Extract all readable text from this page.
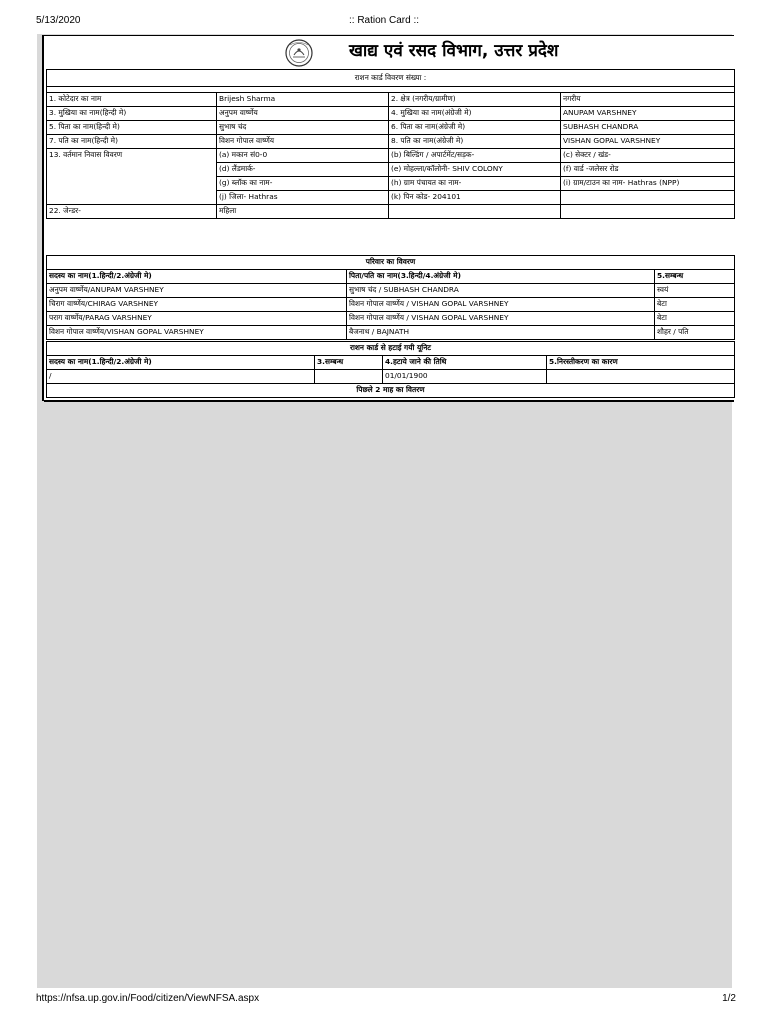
5/13/2020	:: Ration Card ::
खाद्य एवं रसद विभाग, उत्तर प्रदेश
राशन कार्ड विवरण संख्या :			

1. कोटेदार का नाम	Brijesh Sharma	2. क्षेत्र (नगरीय/ग्रामीण)	नगरीय
3. मुखिया का नाम(हिन्दी मे)	अनुपम वार्ष्णेय	4. मुखिया का नाम(अंग्रेजी मे)	ANUPAM VARSHNEY
5. पिता का नाम(हिन्दी मे)	सुभाष चंद	6. पिता का नाम(अंग्रेजी मे)	SUBHASH CHANDRA
7. पति का नाम(हिन्दी मे)	विशन गोपाल वार्ष्णेय	8. पति का नाम(अंग्रेजी मे)	VISHAN GOPAL VARSHNEY
13. वर्तमान निवास विवरण	(a) मकान सं0-0	(b) बिल्डिंग / अपार्टमेंट/सड़क-	(c) सेक्टर / खंड-
	(d) लैंडमार्क-	(e) मोहल्ला/कॉलोनी- SHIV COLONY	(f) वार्ड -जलेसर रोड
	(g) ब्लॉक का नाम-	(h) ग्राम पंचायत का नाम-	(i) ग्राम/टाउन का नाम- Hathras (NPP)
	(j) जिला- Hathras	(k) पिन कोड- 204101	
22. जेन्डर-	महिला		
परिवार का विवरण		
सदस्य का नाम(1.हिन्दी/2.अंग्रेजी मे)	पिता/पति का नाम(3.हिन्दी/4.अंग्रेजी मे)	5.सम्बन्ध
अनुपम वार्ष्णेय/ANUPAM VARSHNEY	सुभाष चंद / SUBHASH CHANDRA	स्वयं
चिराग वार्ष्णेय/CHIRAG VARSHNEY	विशन गोपाल वार्ष्णेय / VISHAN GOPAL VARSHNEY	बेटा
पराग वार्ष्णेय/PARAG VARSHNEY	विशन गोपाल वार्ष्णेय / VISHAN GOPAL VARSHNEY	बेटा
विशन गोपाल वार्ष्णेय/VISHAN GOPAL VARSHNEY	बैजनाथ / BAJNATH	शौहर / पति
राशन कार्ड से हटाई गयी यूनिट			
सदस्य का नाम(1.हिन्दी/2.अंग्रेजी मे)	3.सम्बन्ध	4.हटाये जाने की तिथि	5.निरस्तीकरण का कारण
/		01/01/1900	
पिछले 2 माह का वितरण			
https://nfsa.up.gov.in/Food/citizen/ViewNFSA.aspx	1/2
